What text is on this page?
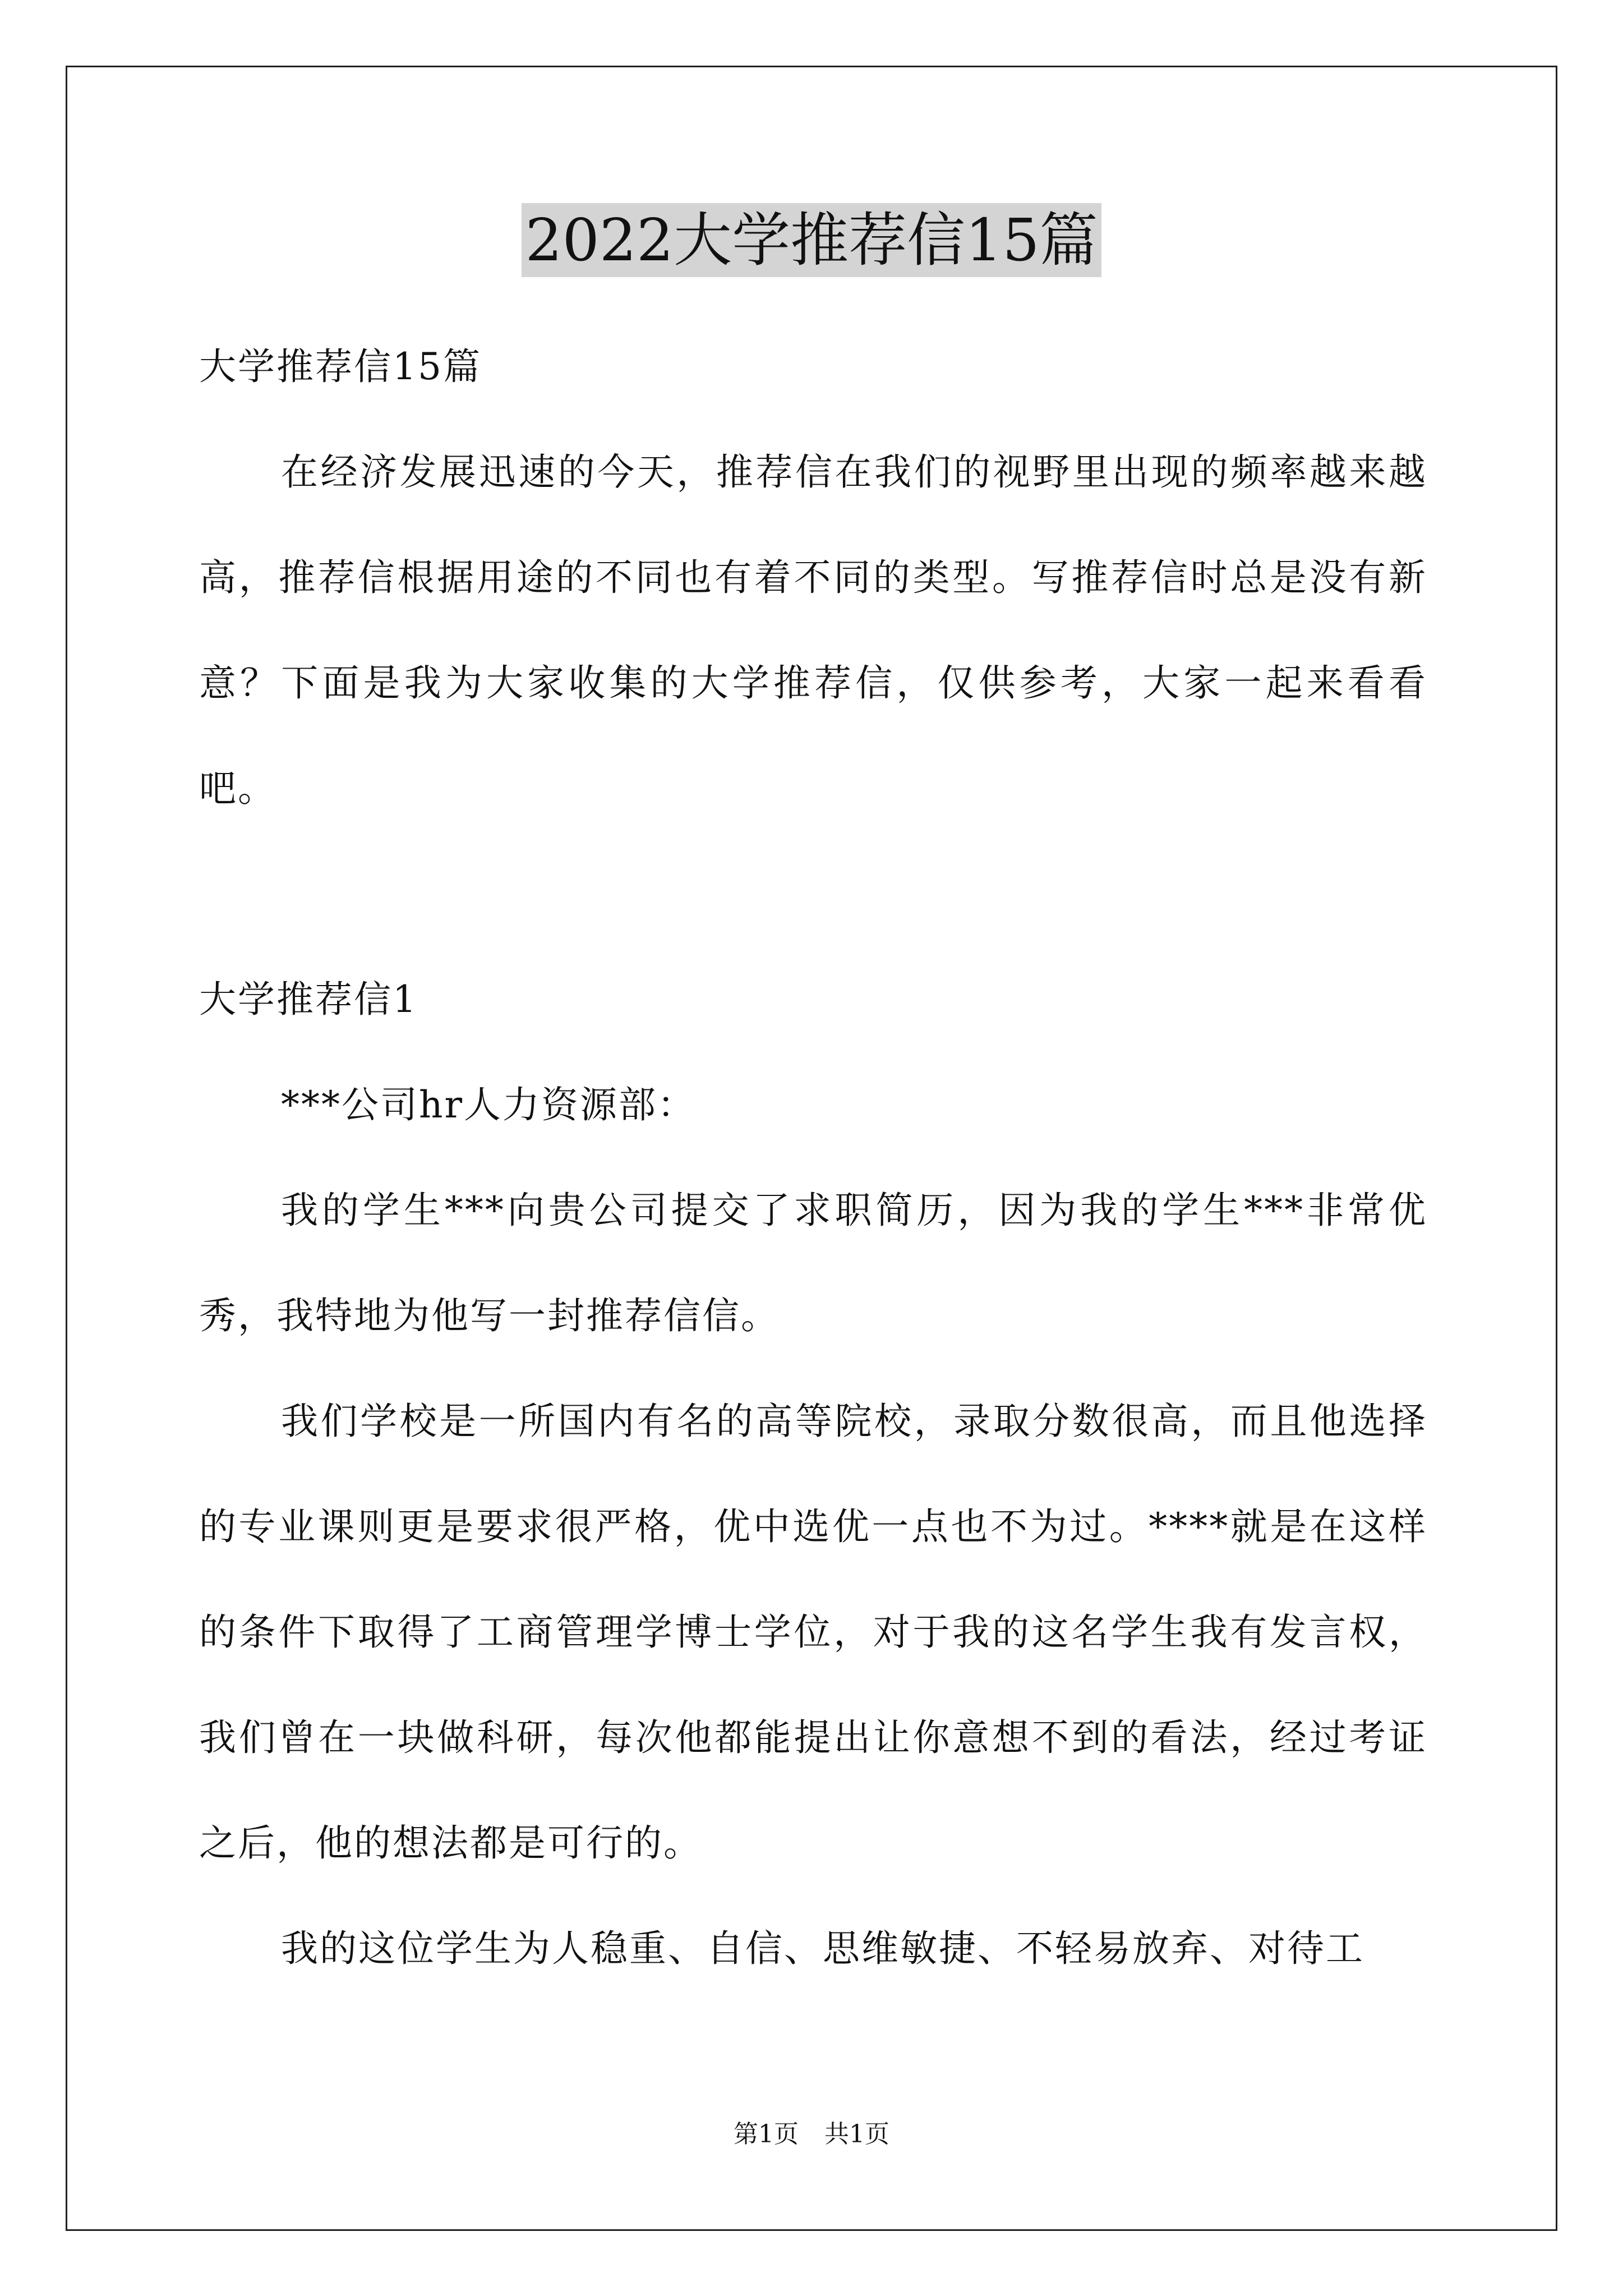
2022大学推荐信15篇

大学推荐信15篇

在经济发展迅速的今天，推荐信在我们的视野里出现的频率越来越高，推荐信根据用途的不同也有着不同的类型。写推荐信时总是没有新意？下面是我为大家收集的大学推荐信，仅供参考，大家一起来看看吧。

大学推荐信1

***公司hr人力资源部：

我的学生***向贵公司提交了求职简历，因为我的学生***非常优秀，我特地为他写一封推荐信信。

我们学校是一所国内有名的高等院校，录取分数很高，而且他选择的专业课则更是要求很严格，优中选优一点也不为过。****就是在这样的条件下取得了工商管理学博士学位，对于我的这名学生我有发言权，我们曾在一块做科研，每次他都能提出让你意想不到的看法，经过考证之后，他的想法都是可行的。

我的这位学生为人稳重、自信、思维敏捷、不轻易放弃、对待工

第1页 共1页
